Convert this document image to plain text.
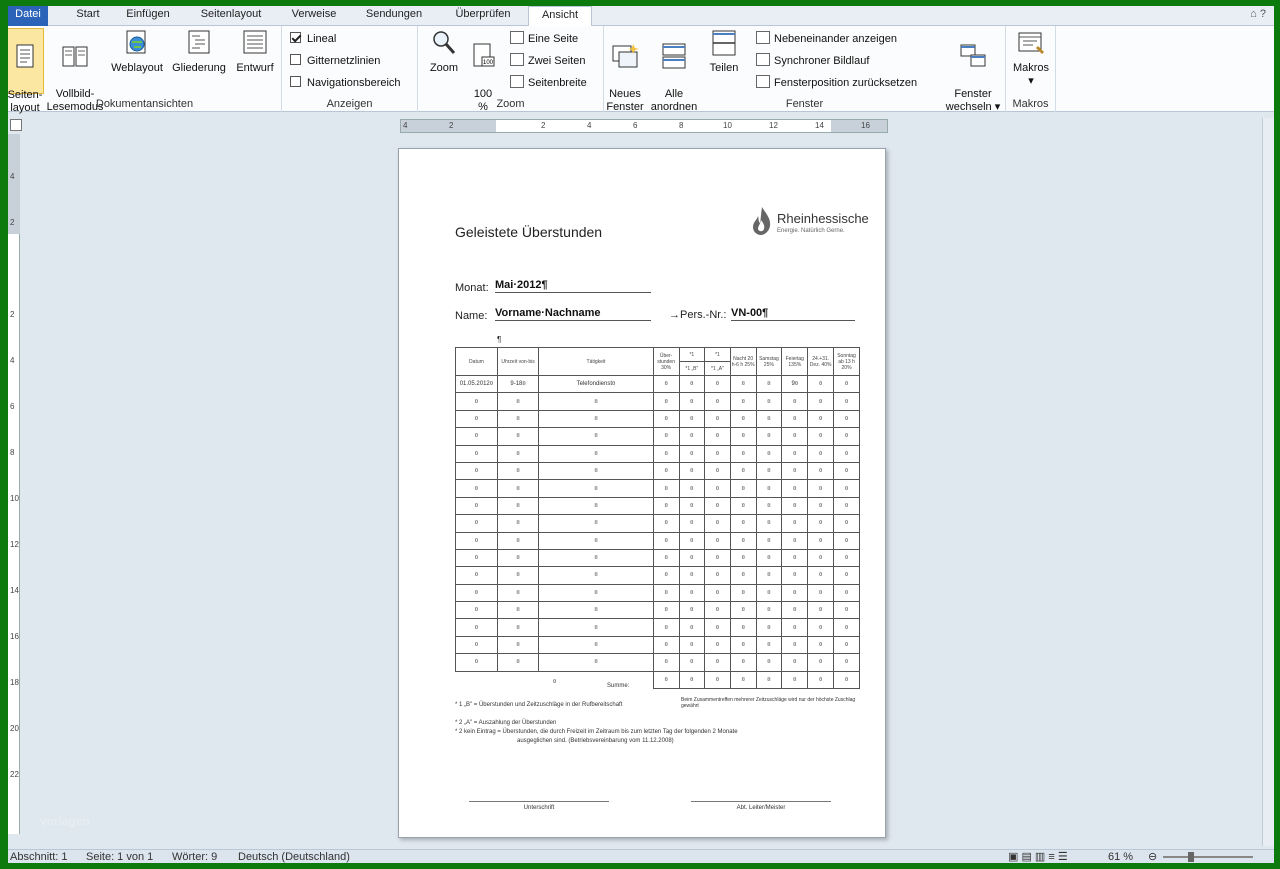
Datei	Start	Einfügen	Seitenlayout	Verweise	Sendungen	Überprüfen	Ansicht	⌂ ?

Seiten-
layout

Vollbild-
Lesemodus

Weblayout Gliederung Entwurf
Dokumentansichten
Lineal
Gitternetzlinien
Navigationsbereich
Anzeigen
Zoom	100

100
%

Eine Seite
Zwei Seiten
Seitenbreite
Zoom

Neues
Fenster

Alle
anordnen

Teilen
Nebeneinander anzeigen
Synchroner Bildlauf
Fensterposition zurücksetzen

Fenster
wechseln ▾

Fenster
Makros
▾
Makros
4	2	2	4	6	8	10	12	14	16
4
2
2
4
6
8
10
12
14
16
18
20
22
Geleistete Überstunden
Rheinhessische
Energie. Natürlich Gerne.
Monat: Mai·2012¶
Name: Vorname·Nachname	→Pers.-Nr.: VN-00¶
¶
Datum	Uhrzeit von-bis	Tätigkeit	Über-stunden 30%	*1	*1	Nacht 20 h-6 h 25%	Samstag 25%	Feiertag 135%	24.+31. Dez. 40%	Sonntag ab 13 h 20%
				*1 „B"	*1 „A"					
01.05.2012¤	9-18¤	Telefondienst¤	¤	¤	¤	¤	¤	9¤	¤	¤
¤	¤	¤	¤	¤	¤	¤	¤	¤	¤	¤
¤	¤	¤	¤	¤	¤	¤	¤	¤	¤	¤
¤	¤	¤	¤	¤	¤	¤	¤	¤	¤	¤
¤	¤	¤	¤	¤	¤	¤	¤	¤	¤	¤
¤	¤	¤	¤	¤	¤	¤	¤	¤	¤	¤
¤	¤	¤	¤	¤	¤	¤	¤	¤	¤	¤
¤	¤	¤	¤	¤	¤	¤	¤	¤	¤	¤
¤	¤	¤	¤	¤	¤	¤	¤	¤	¤	¤
¤	¤	¤	¤	¤	¤	¤	¤	¤	¤	¤
¤	¤	¤	¤	¤	¤	¤	¤	¤	¤	¤
¤	¤	¤	¤	¤	¤	¤	¤	¤	¤	¤
¤	¤	¤	¤	¤	¤	¤	¤	¤	¤	¤
¤	¤	¤	¤	¤	¤	¤	¤	¤	¤	¤
¤	¤	¤	¤	¤	¤	¤	¤	¤	¤	¤
¤	¤	¤	¤	¤	¤	¤	¤	¤	¤	¤
¤	¤	¤	¤	¤	¤	¤	¤	¤	¤	¤
			¤	¤	¤	¤	¤	¤	¤	¤
¤
Summe:
* 1 „B" = Überstunden und Zeitzuschläge in der Rufbereitschaft
Beim Zusammentreffen mehrerer Zeitzuschläge wird nur der höchste Zuschlag gewährt
* 2 „A" = Auszahlung der Überstunden
* 2 kein Eintrag = Überstunden, die durch Freizeit im Zeitraum bis zum letzten Tag der folgenden 2 Monate
ausgeglichen sind. (Betriebsvereinbarung vom 11.12.2008)
Unterschrift	Abt. Leiter/Meister
vorlagen
Abschnitt: 1 Seite: 1 von 1 Wörter: 9 Deutsch (Deutschland)	▣ ▤ ▥ ≡ ☰	61 % ⊖
